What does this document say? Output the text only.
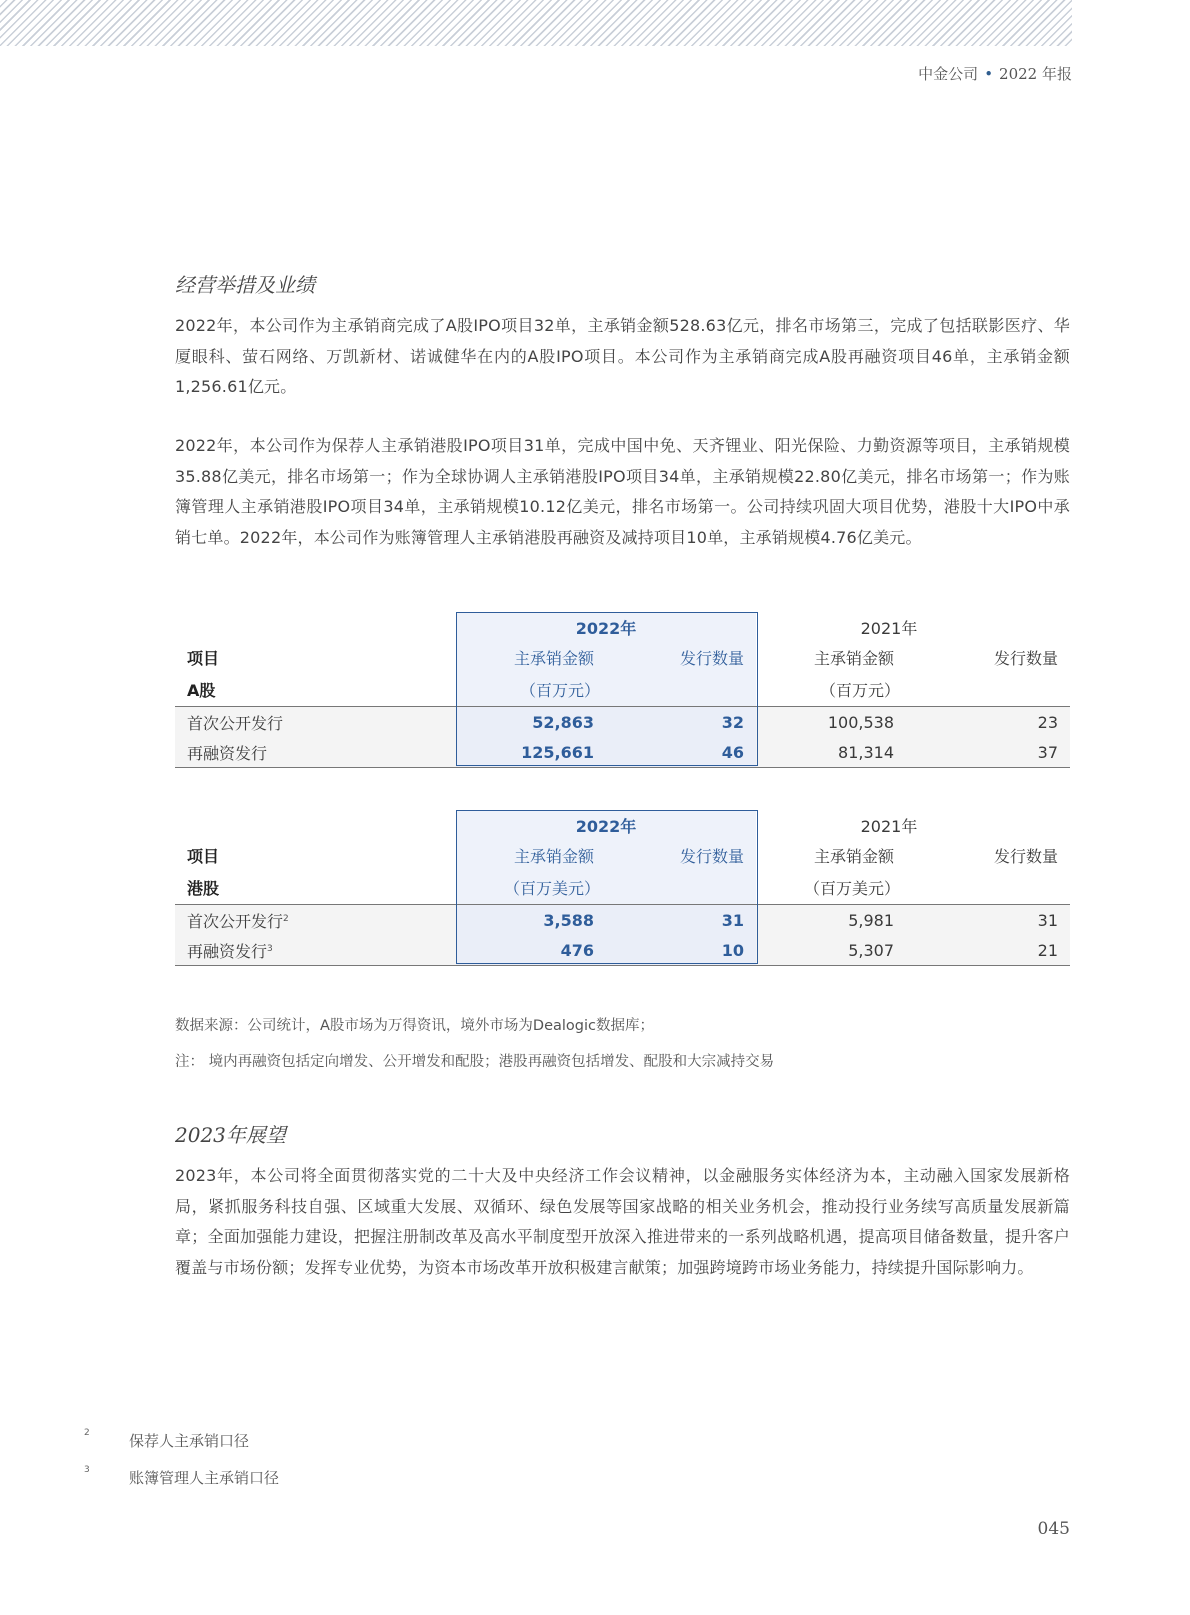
中金公司 • 2022 年报
经营举措及业绩

2022年，本公司作为主承销商完成了A股IPO项目32单，主承销金额528.63亿元，排名市场第三，完成了包括联影医疗、华厦眼科、萤石网络、万凯新材、诺诚健华在内的A股IPO项目。本公司作为主承销商完成A股再融资项目46单，主承销金额1,256.61亿元。

2022年，本公司作为保荐人主承销港股IPO项目31单，完成中国中免、天齐锂业、阳光保险、力勤资源等项目，主承销规模35.88亿美元，排名市场第一；作为全球协调人主承销港股IPO项目34单，主承销规模22.80亿美元，排名市场第一；作为账簿管理人主承销港股IPO项目34单，主承销规模10.12亿美元，排名市场第一。公司持续巩固大项目优势，港股十大IPO中承销七单。2022年，本公司作为账簿管理人主承销港股再融资及减持项目10单，主承销规模4.76亿美元。

	2022年		2021年	
项目	主承销金额	发行数量	主承销金额	发行数量
A股	（百万元）		（百万元）	
首次公开发行	52,863	32	100,538	23
再融资发行	125,661	46	81,314	37
	2022年		2021年	
项目	主承销金额	发行数量	主承销金额	发行数量
港股	（百万美元）		（百万美元）	
首次公开发行$^2$	3,588	31	5,981	31
再融资发行$^3$	476	10	5,307	21
数据来源：公司统计，A股市场为万得资讯，境外市场为Dealogic数据库；
注： 境内再融资包括定向增发、公开增发和配股；港股再融资包括增发、配股和大宗减持交易
2023年展望

2023年，本公司将全面贯彻落实党的二十大及中央经济工作会议精神，以金融服务实体经济为本，主动融入国家发展新格局，紧抓服务科技自强、区域重大发展、双循环、绿色发展等国家战略的相关业务机会，推动投行业务续写高质量发展新篇章；全面加强能力建设，把握注册制改革及高水平制度型开放深入推进带来的一系列战略机遇，提高项目储备数量，提升客户覆盖与市场份额；发挥专业优势，为资本市场改革开放积极建言献策；加强跨境跨市场业务能力，持续提升国际影响力。

2	保荐人主承销口径
3	账簿管理人主承销口径
045
